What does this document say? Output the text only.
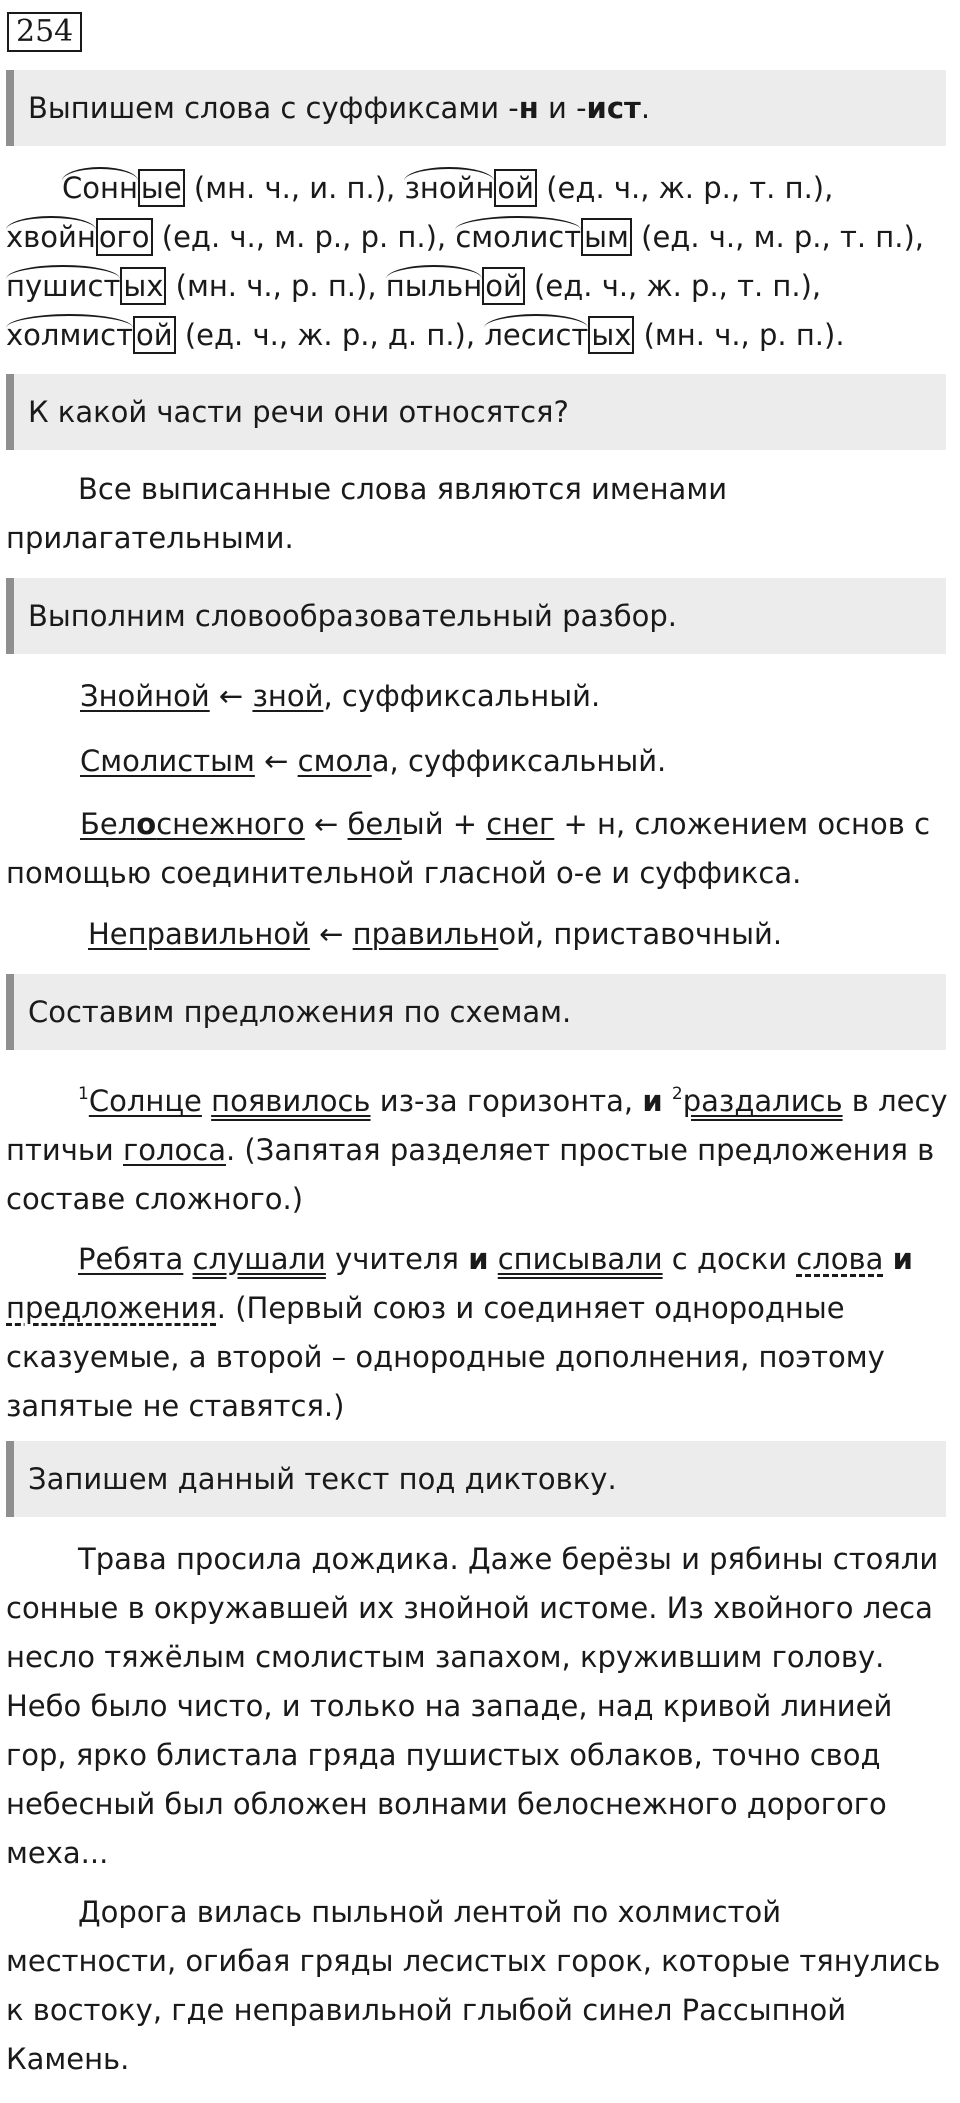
254
Выпишем слова с суффиксами -н и -ист.
Сонн ые (мн. ч., и. п.), знойн ой (ед. ч., ж. р., т. п.),
хвойн ого (ед. ч., м. р., р. п.), смолист ым (ед. ч., м. р., т. п.),
пушист ых (мн. ч., р. п.), пыльн ой (ед. ч., ж. р., т. п.),
холмист ой (ед. ч., ж. р., д. п.), лесист ых (мн. ч., р. п.).
К какой части речи они относятся?
Все выписанные слова являются именами прилагательными.
Выполним словообразовательный разбор.
Знойной ← зной, суффиксальный.
Смолистым ← смола, суффиксальный.
Белоснежного ← белый + снег + н, сложением основ с помощью соединительной гласной о-е и суффикса.
Неправильной ← правильной, приставочный.
Составим предложения по схемам.
$^1$Солнце появилось из-за горизонта, и $^2$раздались в лесу птичьи голоса. (Запятая разделяет простые предложения в составе сложного.)
Ребята слушали учителя и списывали с доски слова и предложения. (Первый союз и соединяет однородные сказуемые, а второй – однородные дополнения, поэтому запятые не ставятся.)
Запишем данный текст под диктовку.
Трава просила дождика. Даже берёзы и рябины стояли сонные в окружавшей их знойной истоме. Из хвойного леса несло тяжёлым смолистым запахом, кружившим голову. Небо было чисто, и только на западе, над кривой линией гор, ярко блистала гряда пушистых облаков, точно свод небесный был обложен волнами белоснежного дорогого меха...
Дорога вилась пыльной лентой по холмистой местности, огибая гряды лесистых горок, которые тянулись к востоку, где неправильной глыбой синел Рассыпной Камень.
